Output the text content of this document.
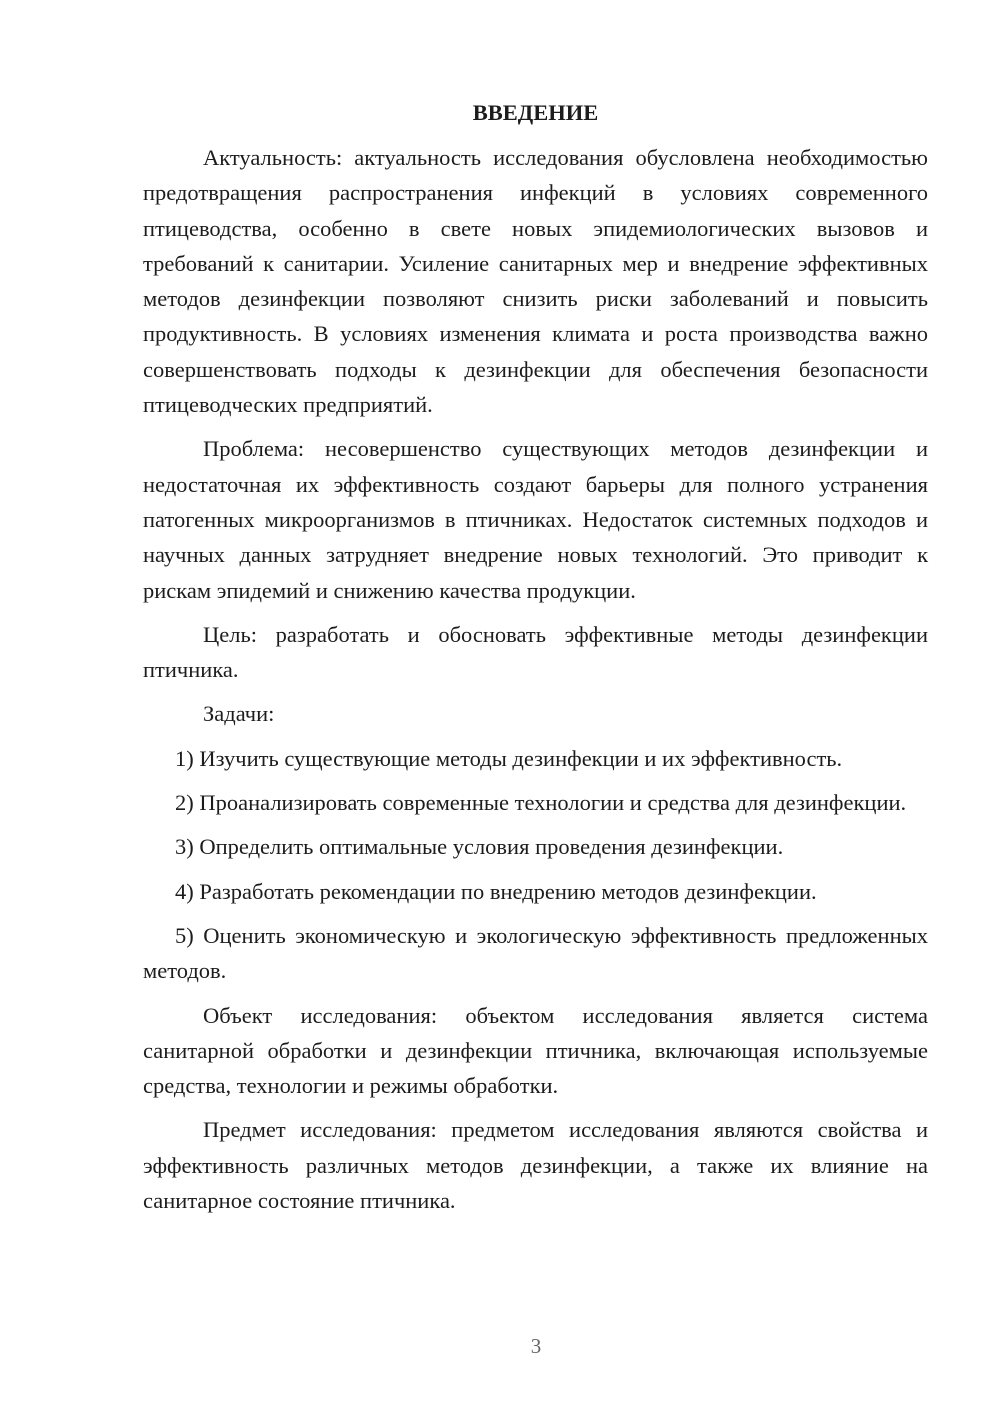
ВВЕДЕНИЕ

Актуальность: актуальность исследования обусловлена необходимостью предотвращения распространения инфекций в условиях современного птицеводства, особенно в свете новых эпидемиологических вызовов и требований к санитарии. Усиление санитарных мер и внедрение эффективных методов дезинфекции позволяют снизить риски заболеваний и повысить продуктивность. В условиях изменения климата и роста производства важно совершенствовать подходы к дезинфекции для обеспечения безопасности птицеводческих предприятий.

Проблема: несовершенство существующих методов дезинфекции и недостаточная их эффективность создают барьеры для полного устранения патогенных микроорганизмов в птичниках. Недостаток системных подходов и научных данных затрудняет внедрение новых технологий. Это приводит к рискам эпидемий и снижению качества продукции.

Цель: разработать и обосновать эффективные методы дезинфекции птичника.

Задачи:

1) Изучить существующие методы дезинфекции и их эффективность.

2) Проанализировать современные технологии и средства для дезинфекции.

3) Определить оптимальные условия проведения дезинфекции.

4) Разработать рекомендации по внедрению методов дезинфекции.

5) Оценить экономическую и экологическую эффективность предложенных методов.

Объект исследования: объектом исследования является система санитарной обработки и дезинфекции птичника, включающая используемые средства, технологии и режимы обработки.

Предмет исследования: предметом исследования являются свойства и эффективность различных методов дезинфекции, а также их влияние на санитарное состояние птичника.

3
